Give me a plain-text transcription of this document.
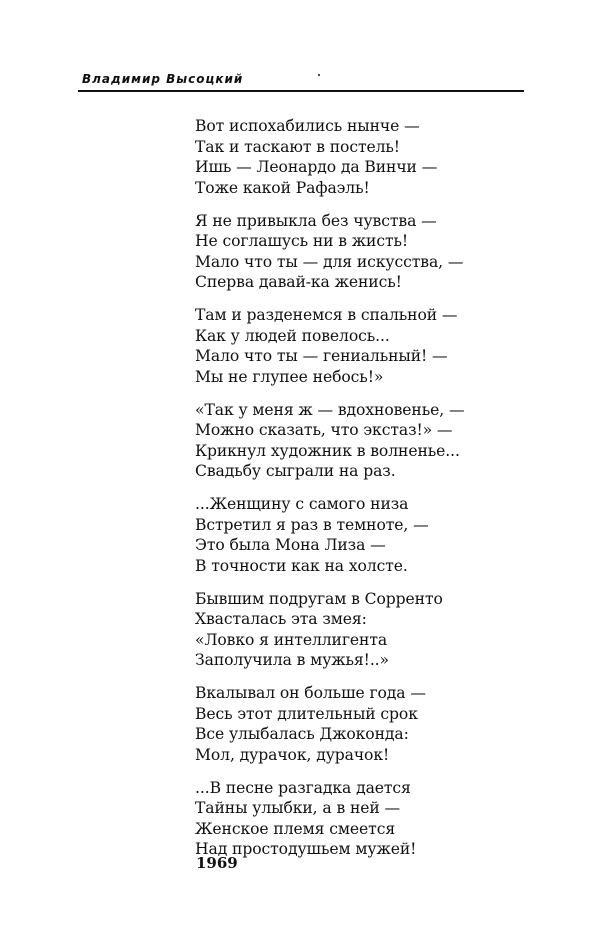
Владимир Высоцкий
Вот испохабились нынче —
Так и таскают в постель!
Ишь — Леонардо да Винчи —
Тоже какой Рафаэль!
Я не привыкла без чувства —
Не соглашусь ни в жисть!
Мало что ты — для искусства, —
Сперва давай-ка женись!
Там и разденемся в спальной —
Как у людей повелось...
Мало что ты — гениальный! —
Мы не глупее небось!»
«Так у меня ж — вдохновенье, —
Можно сказать, что экстаз!» —
Крикнул художник в волненье...
Свадьбу сыграли на раз.
...Женщину с самого низа
Встретил я раз в темноте, —
Это была Мона Лиза —
В точности как на холсте.
Бывшим подругам в Сорренто
Хвасталась эта змея:
«Ловко я интеллигента
Заполучила в мужья!..»
Вкалывал он больше года —
Весь этот длительный срок
Все улыбалась Джоконда:
Мол, дурачок, дурачок!
...В песне разгадка дается
Тайны улыбки, а в ней —
Женское племя смеется
Над простодушьем мужей!
1969
